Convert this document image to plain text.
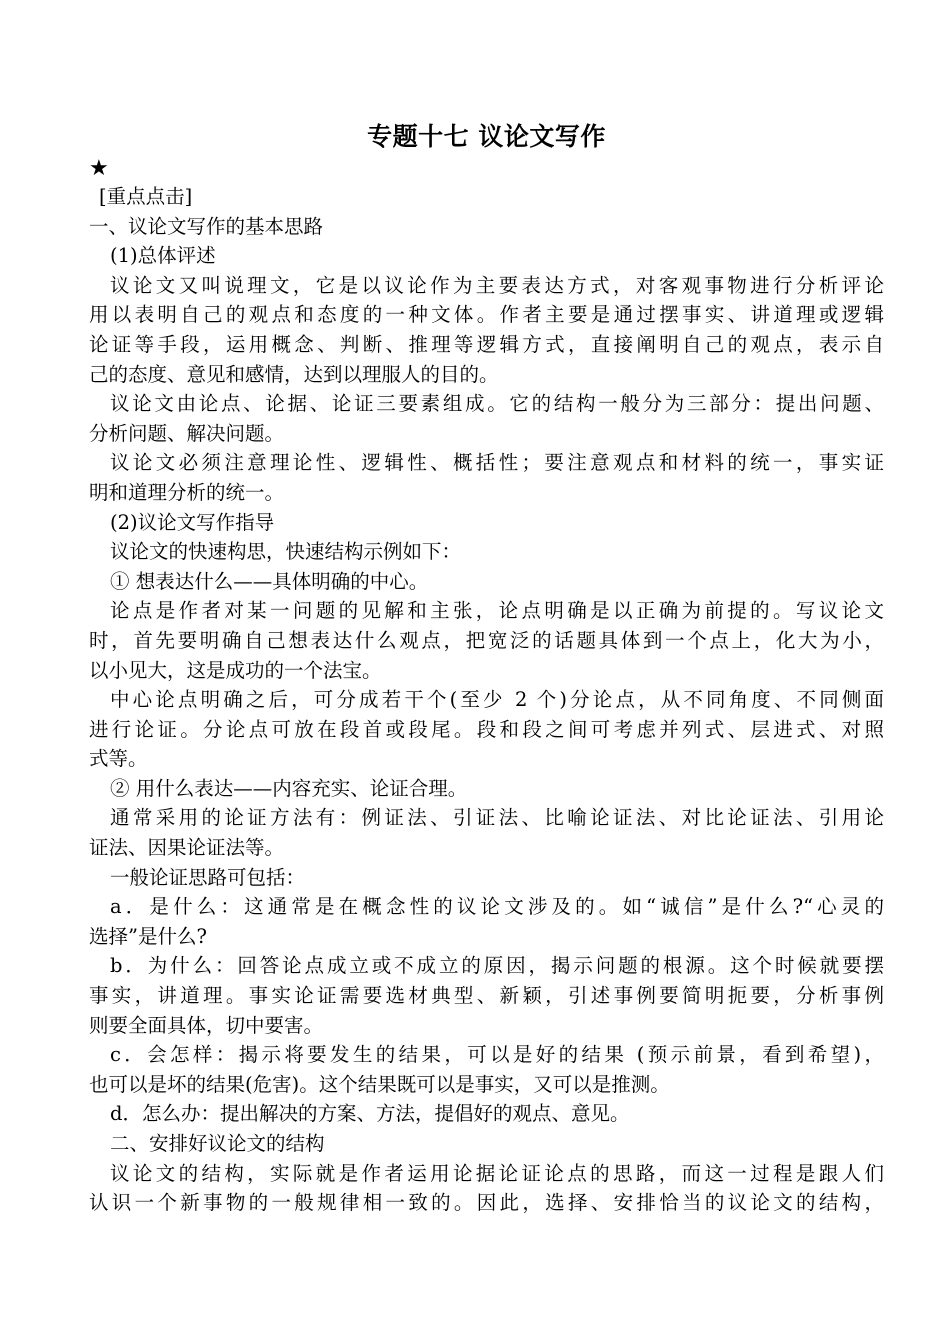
专题十七 议论文写作

★

[重点点击]

一、议论文写作的基本思路

(1)总体评述

议论文又叫说理文，它是以议论作为主要表达方式，对客观事物进行分析评论

用以表明自己的观点和态度的一种文体。作者主要是通过摆事实、讲道理或逻辑

论证等手段，运用概念、判断、推理等逻辑方式，直接阐明自己的观点，表示自

己的态度、意见和感情，达到以理服人的目的。

议论文由论点、论据、论证三要素组成。它的结构一般分为三部分：提出问题、

分析问题、解决问题。

议论文必须注意理论性、逻辑性、概括性；要注意观点和材料的统一，事实证

明和道理分析的统一。

(2)议论文写作指导

议论文的快速构思，快速结构示例如下：

① 想表达什么——具体明确的中心。

论点是作者对某一问题的见解和主张，论点明确是以正确为前提的。写议论文

时，首先要明确自己想表达什么观点，把宽泛的话题具体到一个点上，化大为小，

以小见大，这是成功的一个法宝。

中心论点明确之后，可分成若干个(至少 2 个)分论点，从不同角度、不同侧面

进行论证。分论点可放在段首或段尾。段和段之间可考虑并列式、层进式、对照

式等。

② 用什么表达——内容充实、论证合理。

通常采用的论证方法有：例证法、引证法、比喻论证法、对比论证法、引用论

证法、因果论证法等。

一般论证思路可包括：

a．是什么：这通常是在概念性的议论文涉及的。如“诚信”是什么?“心灵的

选择”是什么?

b．为什么：回答论点成立或不成立的原因，揭示问题的根源。这个时候就要摆

事实，讲道理。事实论证需要选材典型、新颖，引述事例要简明扼要，分析事例

则要全面具体，切中要害。

c．会怎样：揭示将要发生的结果，可以是好的结果 (预示前景，看到希望)，

也可以是坏的结果(危害)。这个结果既可以是事实，又可以是推测。

d．怎么办：提出解决的方案、方法，提倡好的观点、意见。

二、安排好议论文的结构

议论文的结构，实际就是作者运用论据论证论点的思路，而这一过程是跟人们

认识一个新事物的一般规律相一致的。因此，选择、安排恰当的议论文的结构，
